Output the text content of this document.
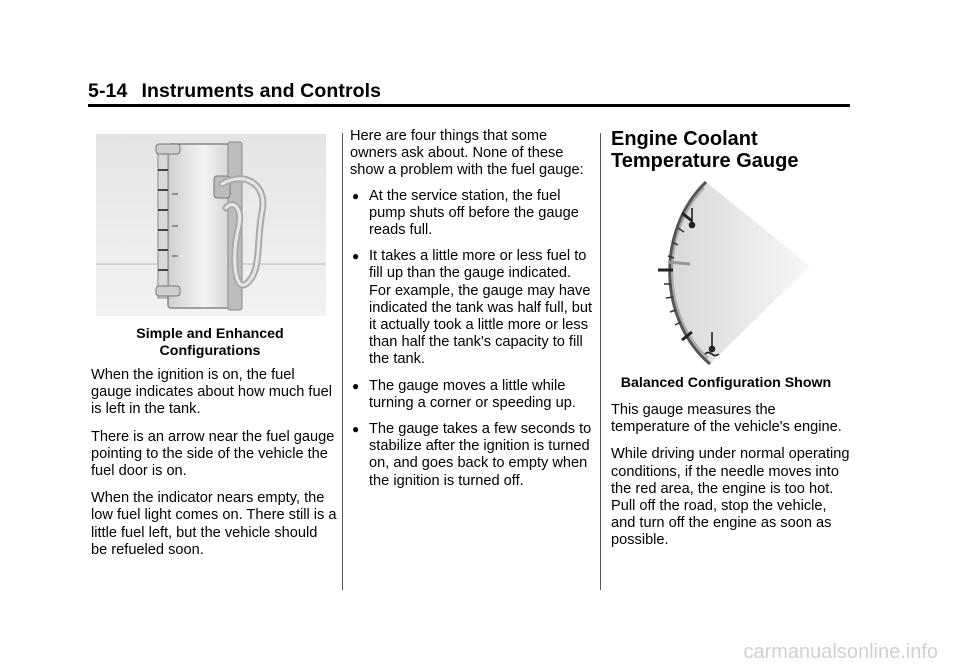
5-14 Instruments and Controls
Simple and Enhanced
Configurations

When the ignition is on, the fuel gauge indicates about how much fuel is left in the tank.

There is an arrow near the fuel gauge pointing to the side of the vehicle the fuel door is on.

When the indicator nears empty, the low fuel light comes on. There still is a little fuel left, but the vehicle should be refueled soon.

Here are four things that some owners ask about. None of these show a problem with the fuel gauge:

● At the service station, the fuel pump shuts off before the gauge reads full.
● It takes a little more or less fuel to fill up than the gauge indicated. For example, the gauge may have indicated the tank was half full, but it actually took a little more or less than half the tank's capacity to fill the tank.
● The gauge moves a little while turning a corner or speeding up.
● The gauge takes a few seconds to stabilize after the ignition is turned on, and goes back to empty when the ignition is turned off.
Engine Coolant
Temperature Gauge
Balanced Configuration Shown

This gauge measures the temperature of the vehicle's engine.

While driving under normal operating conditions, if the needle moves into the red area, the engine is too hot. Pull off the road, stop the vehicle, and turn off the engine as soon as possible.

carmanualsonline.info
